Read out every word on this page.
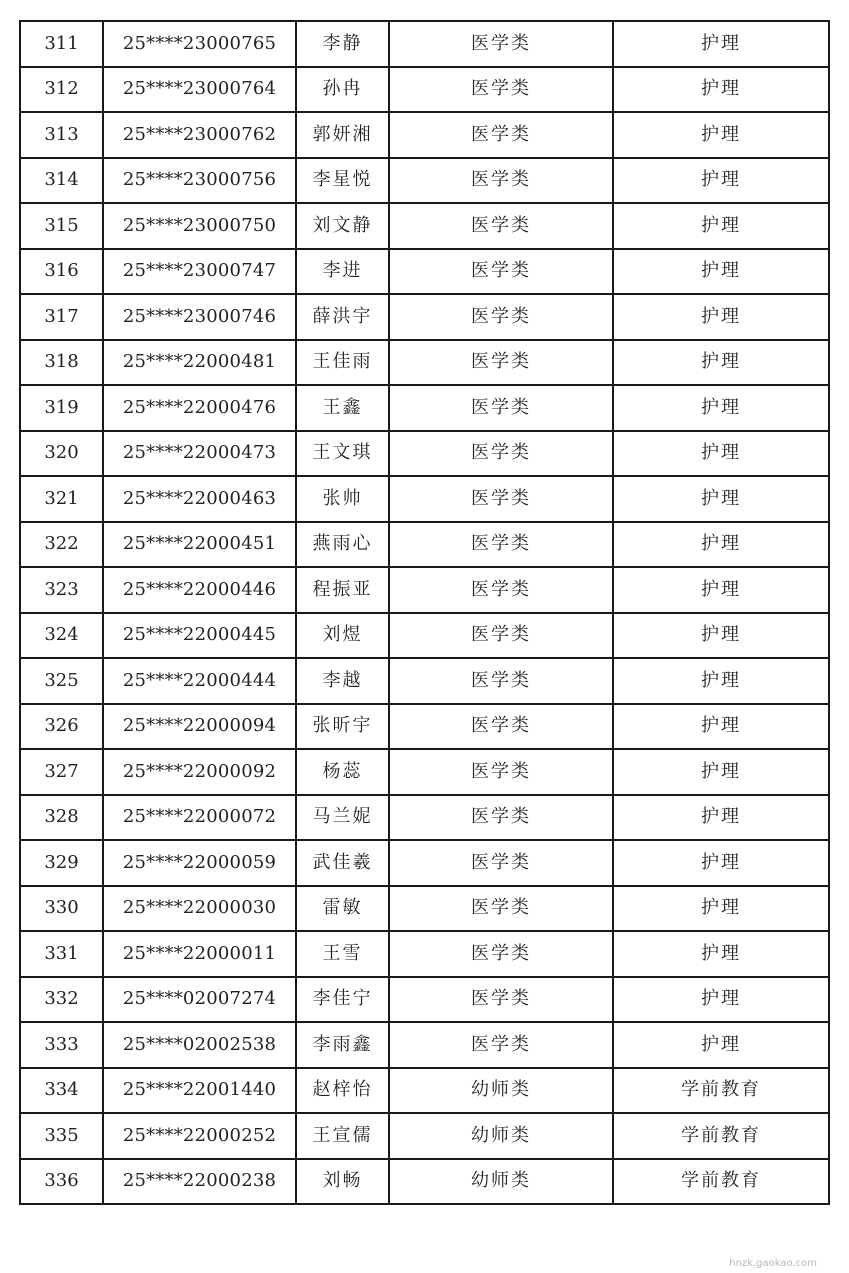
311	25****23000765	李静	医学类	护理
312	25****23000764	孙冉	医学类	护理
313	25****23000762	郭妍湘	医学类	护理
314	25****23000756	李星悦	医学类	护理
315	25****23000750	刘文静	医学类	护理
316	25****23000747	李进	医学类	护理
317	25****23000746	薛洪宇	医学类	护理
318	25****22000481	王佳雨	医学类	护理
319	25****22000476	王鑫	医学类	护理
320	25****22000473	王文琪	医学类	护理
321	25****22000463	张帅	医学类	护理
322	25****22000451	燕雨心	医学类	护理
323	25****22000446	程振亚	医学类	护理
324	25****22000445	刘煜	医学类	护理
325	25****22000444	李越	医学类	护理
326	25****22000094	张昕宇	医学类	护理
327	25****22000092	杨蕊	医学类	护理
328	25****22000072	马兰妮	医学类	护理
329	25****22000059	武佳羲	医学类	护理
330	25****22000030	雷敏	医学类	护理
331	25****22000011	王雪	医学类	护理
332	25****02007274	李佳宁	医学类	护理
333	25****02002538	李雨鑫	医学类	护理
334	25****22001440	赵梓怡	幼师类	学前教育
335	25****22000252	王宣儒	幼师类	学前教育
336	25****22000238	刘畅	幼师类	学前教育
hnzk.gaokao.com
